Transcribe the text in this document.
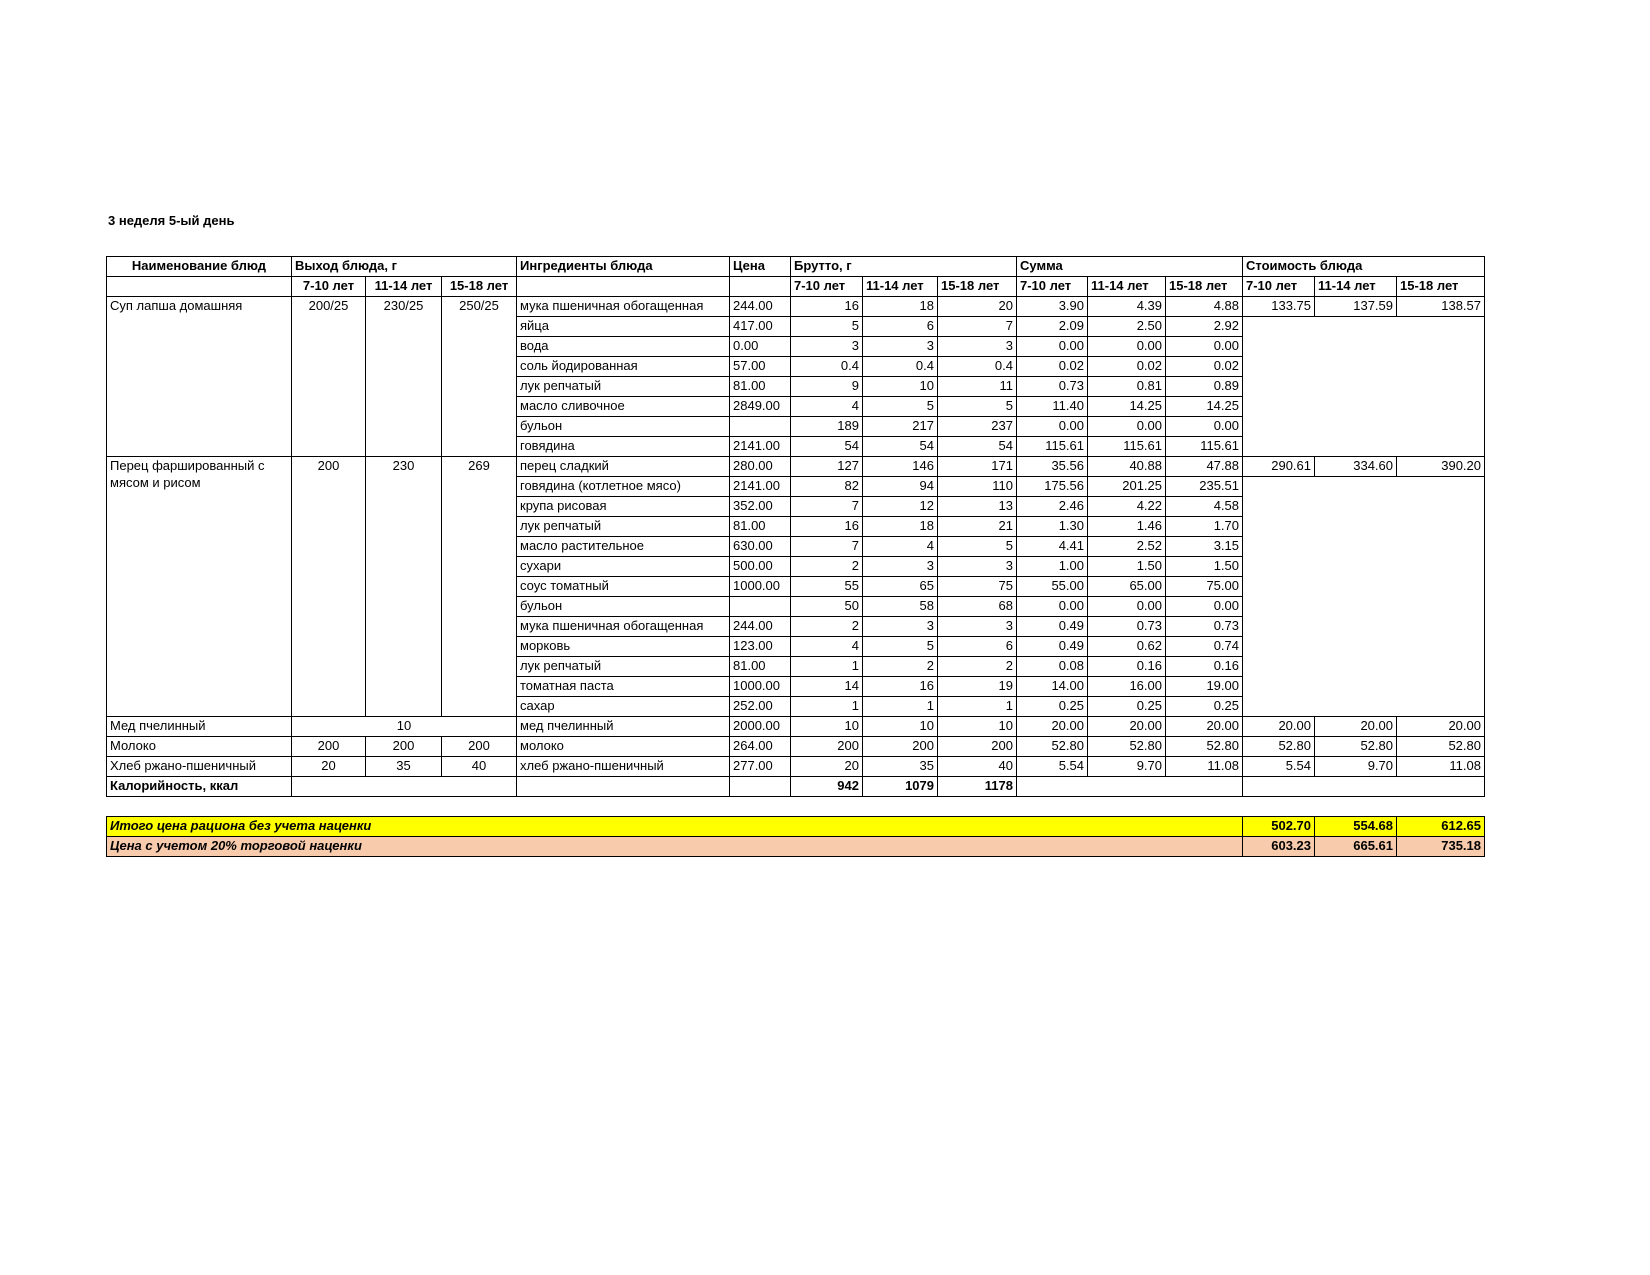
3 неделя 5-ый день
Наименование блюд	Выход блюда, г			Ингредиенты блюда	Цена	Брутто, г			Сумма			Стоимость блюда		
	7-10 лет	11-14 лет	15-18 лет			7-10 лет	11-14 лет	15-18 лет	7-10 лет	11-14 лет	15-18 лет	7-10 лет	11-14 лет	15-18 лет
Суп лапша домашняя	200/25	230/25	250/25	мука пшеничная обогащенная	244.00	16	18	20	3.90	4.39	4.88	133.75	137.59	138.57
				яйца	417.00	5	6	7	2.09	2.50	2.92			
				вода	0.00	3	3	3	0.00	0.00	0.00			
				соль йодированная	57.00	0.4	0.4	0.4	0.02	0.02	0.02			
				лук репчатый	81.00	9	10	11	0.73	0.81	0.89			
				масло сливочное	2849.00	4	5	5	11.40	14.25	14.25			
				бульон		189	217	237	0.00	0.00	0.00			
				говядина	2141.00	54	54	54	115.61	115.61	115.61			
Перец фаршированный с мясом и рисом	200	230	269	перец сладкий	280.00	127	146	171	35.56	40.88	47.88	290.61	334.60	390.20
				говядина (котлетное мясо)	2141.00	82	94	110	175.56	201.25	235.51			
				крупа рисовая	352.00	7	12	13	2.46	4.22	4.58			
				лук репчатый	81.00	16	18	21	1.30	1.46	1.70			
				масло растительное	630.00	7	4	5	4.41	2.52	3.15			
				сухари	500.00	2	3	3	1.00	1.50	1.50			
				соус томатный	1000.00	55	65	75	55.00	65.00	75.00			
				бульон		50	58	68	0.00	0.00	0.00			
				мука пшеничная обогащенная	244.00	2	3	3	0.49	0.73	0.73			
				морковь	123.00	4	5	6	0.49	0.62	0.74			
				лук репчатый	81.00	1	2	2	0.08	0.16	0.16			
				томатная паста	1000.00	14	16	19	14.00	16.00	19.00			
				сахар	252.00	1	1	1	0.25	0.25	0.25			
Мед пчелинный	10			мед пчелинный	2000.00	10	10	10	20.00	20.00	20.00	20.00	20.00	20.00
Молоко	200	200	200	молоко	264.00	200	200	200	52.80	52.80	52.80	52.80	52.80	52.80
Хлеб ржано-пшеничный	20	35	40	хлеб ржано-пшеничный	277.00	20	35	40	5.54	9.70	11.08	5.54	9.70	11.08
Калорийность, ккал						942	1079	1178						

Итого цена рациона без учета наценки												502.70	554.68	612.65
Цена с учетом 20% торговой наценки												603.23	665.61	735.18
